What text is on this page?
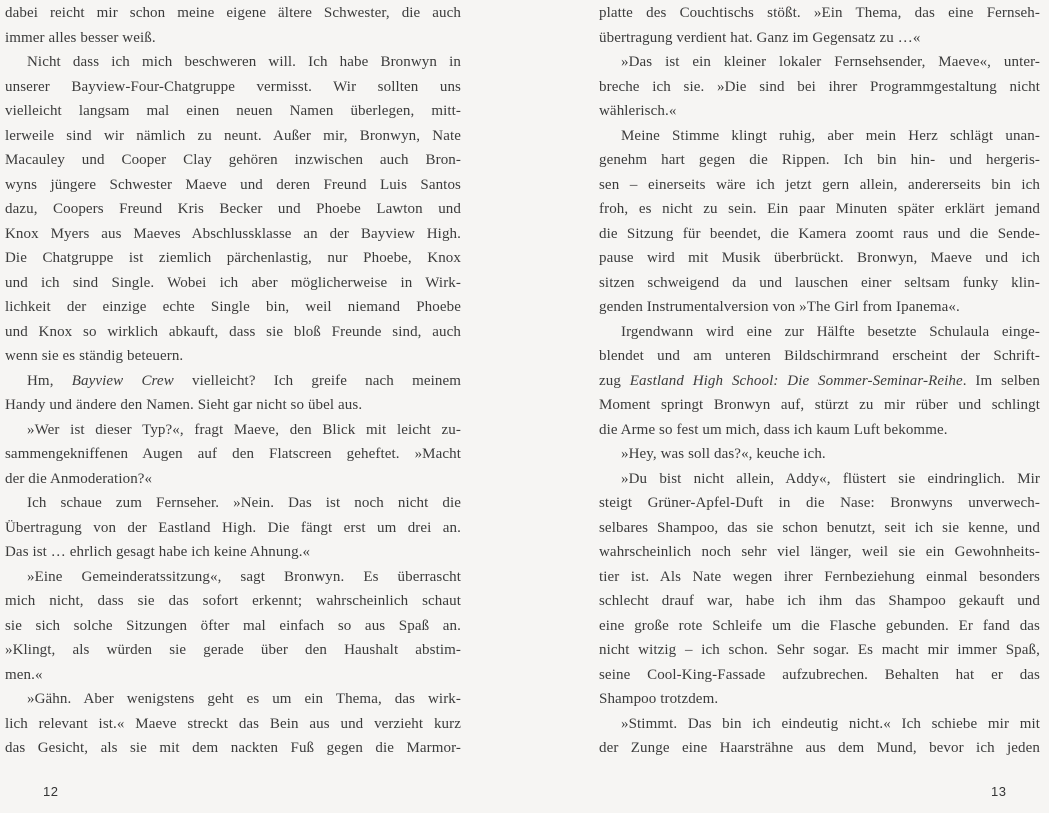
dabei reicht mir schon meine eigene ältere Schwester, die auch
immer alles besser weiß.
Nicht dass ich mich beschweren will. Ich habe Bronwyn in
unserer Bayview-Four-Chatgruppe vermisst. Wir sollten uns
vielleicht langsam mal einen neuen Namen überlegen, mitt-
lerweile sind wir nämlich zu neunt. Außer mir, Bronwyn, Nate
Macauley und Cooper Clay gehören inzwischen auch Bron-
wyns jüngere Schwester Maeve und deren Freund Luis Santos
dazu, Coopers Freund Kris Becker und Phoebe Lawton und
Knox Myers aus Maeves Abschlussklasse an der Bayview High.
Die Chatgruppe ist ziemlich pärchenlastig, nur Phoebe, Knox
und ich sind Single. Wobei ich aber möglicherweise in Wirk-
lichkeit der einzige echte Single bin, weil niemand Phoebe
und Knox so wirklich abkauft, dass sie bloß Freunde sind, auch
wenn sie es ständig beteuern.
Hm, Bayview Crew vielleicht? Ich greife nach meinem
Handy und ändere den Namen. Sieht gar nicht so übel aus.
»Wer ist dieser Typ?«, fragt Maeve, den Blick mit leicht zu-
sammengekniffenen Augen auf den Flatscreen geheftet. »Macht
der die Anmoderation?«
Ich schaue zum Fernseher. »Nein. Das ist noch nicht die
Übertragung von der Eastland High. Die fängt erst um drei an.
Das ist … ehrlich gesagt habe ich keine Ahnung.«
»Eine Gemeinderatssitzung«, sagt Bronwyn. Es überrascht
mich nicht, dass sie das sofort erkennt; wahrscheinlich schaut
sie sich solche Sitzungen öfter mal einfach so aus Spaß an.
»Klingt, als würden sie gerade über den Haushalt abstim-
men.«
»Gähn. Aber wenigstens geht es um ein Thema, das wirk-
lich relevant ist.« Maeve streckt das Bein aus und verzieht kurz
das Gesicht, als sie mit dem nackten Fuß gegen die Marmor-
12
platte des Couchtischs stößt. »Ein Thema, das eine Fernseh-
übertragung verdient hat. Ganz im Gegensatz zu …«
»Das ist ein kleiner lokaler Fernsehsender, Maeve«, unter-
breche ich sie. »Die sind bei ihrer Programmgestaltung nicht
wählerisch.«
Meine Stimme klingt ruhig, aber mein Herz schlägt unan-
genehm hart gegen die Rippen. Ich bin hin- und hergeris-
sen – einerseits wäre ich jetzt gern allein, andererseits bin ich
froh, es nicht zu sein. Ein paar Minuten später erklärt jemand
die Sitzung für beendet, die Kamera zoomt raus und die Sende-
pause wird mit Musik überbrückt. Bronwyn, Maeve und ich
sitzen schweigend da und lauschen einer seltsam funky klin-
genden Instrumentalversion von »The Girl from Ipanema«.
Irgendwann wird eine zur Hälfte besetzte Schulaula einge-
blendet und am unteren Bildschirmrand erscheint der Schrift-
zug Eastland High School: Die Sommer-Seminar-Reihe. Im selben
Moment springt Bronwyn auf, stürzt zu mir rüber und schlingt
die Arme so fest um mich, dass ich kaum Luft bekomme.
»Hey, was soll das?«, keuche ich.
»Du bist nicht allein, Addy«, flüstert sie eindringlich. Mir
steigt Grüner-Apfel-Duft in die Nase: Bronwyns unverwech-
selbares Shampoo, das sie schon benutzt, seit ich sie kenne, und
wahrscheinlich noch sehr viel länger, weil sie ein Gewohnheits-
tier ist. Als Nate wegen ihrer Fernbeziehung einmal besonders
schlecht drauf war, habe ich ihm das Shampoo gekauft und
eine große rote Schleife um die Flasche gebunden. Er fand das
nicht witzig – ich schon. Sehr sogar. Es macht mir immer Spaß,
seine Cool-King-Fassade aufzubrechen. Behalten hat er das
Shampoo trotzdem.
»Stimmt. Das bin ich eindeutig nicht.« Ich schiebe mir mit
der Zunge eine Haarsträhne aus dem Mund, bevor ich jeden
13
